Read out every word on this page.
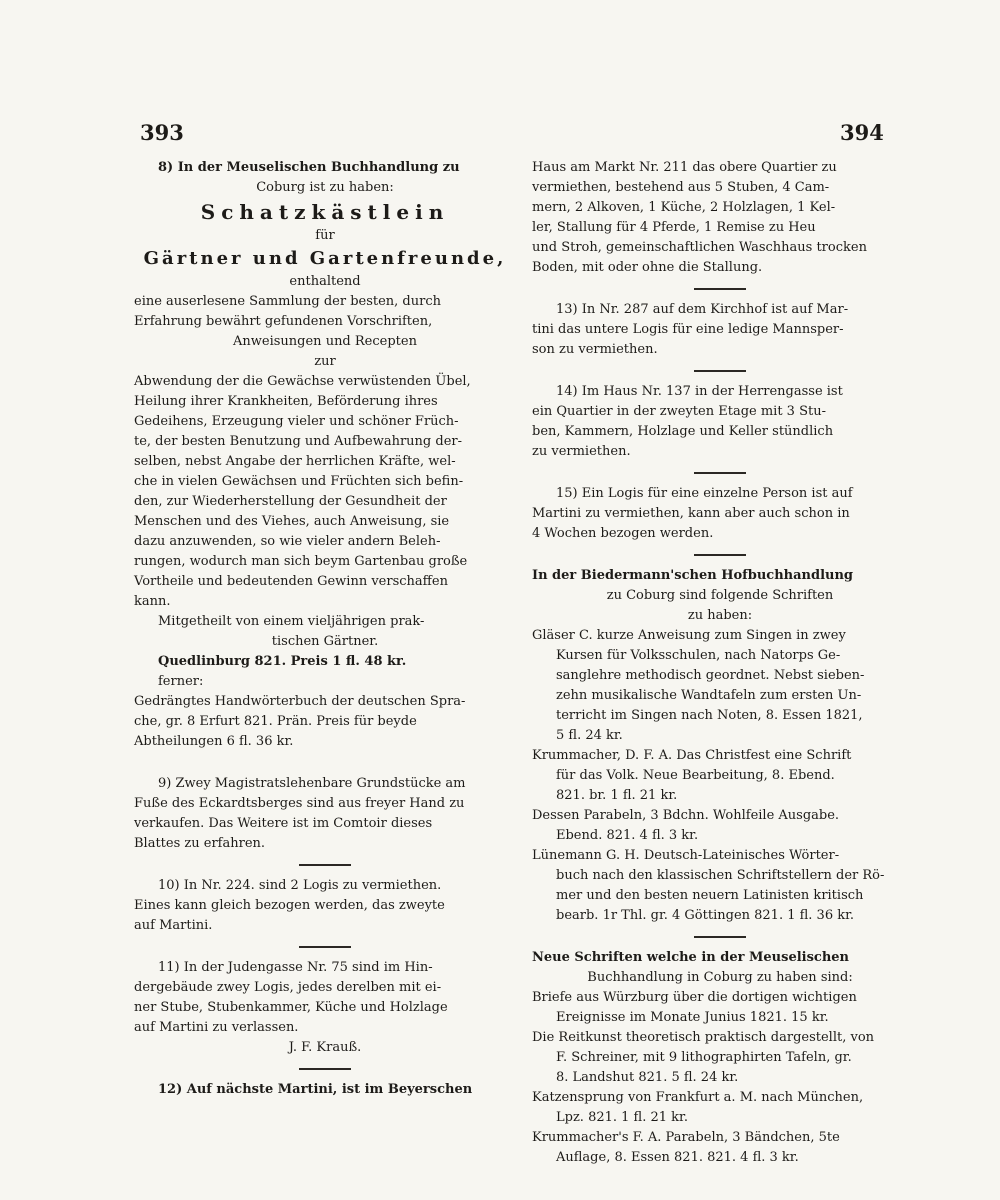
393	394
8) In der Meuselischen Buchhandlung zu
Coburg ist zu haben:
Schatzkästlein
für
Gärtner und Gartenfreunde,
enthaltend
eine auserlesene Sammlung der besten, durch
Erfahrung bewährt gefundenen Vorschriften,
Anweisungen und Recepten
zur
Abwendung der die Gewächse verwüstenden Übel,
Heilung ihrer Krankheiten, Beförderung ihres
Gedeihens, Erzeugung vieler und schöner Früch-
te, der besten Benutzung und Aufbewahrung der-
selben, nebst Angabe der herrlichen Kräfte, wel-
che in vielen Gewächsen und Früchten sich befin-
den, zur Wiederherstellung der Gesundheit der
Menschen und des Viehes, auch Anweisung, sie
dazu anzuwenden, so wie vieler andern Beleh-
rungen, wodurch man sich beym Gartenbau große
Vortheile und bedeutenden Gewinn verschaffen
kann.
Mitgetheilt von einem vieljährigen prak-
tischen Gärtner.
Quedlinburg 821. Preis 1 fl. 48 kr.
ferner:
Gedrängtes Handwörterbuch der deutschen Spra-
che, gr. 8 Erfurt 821. Prän. Preis für beyde
Abtheilungen 6 fl. 36 kr.
9) Zwey Magistratslehenbare Grundstücke am
Fuße des Eckardtsberges sind aus freyer Hand zu
verkaufen. Das Weitere ist im Comtoir dieses
Blattes zu erfahren.
10) In Nr. 224. sind 2 Logis zu vermiethen.
Eines kann gleich bezogen werden, das zweyte
auf Martini.
11) In der Judengasse Nr. 75 sind im Hin-
dergebäude zwey Logis, jedes derelben mit ei-
ner Stube, Stubenkammer, Küche und Holzlage
auf Martini zu verlassen.
J. F. Krauß.
12) Auf nächste Martini, ist im Beyerschen
Haus am Markt Nr. 211 das obere Quartier zu
vermiethen, bestehend aus 5 Stuben, 4 Cam-
mern, 2 Alkoven, 1 Küche, 2 Holzlagen, 1 Kel-
ler, Stallung für 4 Pferde, 1 Remise zu Heu
und Stroh, gemeinschaftlichen Waschhaus trocken
Boden, mit oder ohne die Stallung.
13) In Nr. 287 auf dem Kirchhof ist auf Mar-
tini das untere Logis für eine ledige Mannsper-
son zu vermiethen.
14) Im Haus Nr. 137 in der Herrengasse ist
ein Quartier in der zweyten Etage mit 3 Stu-
ben, Kammern, Holzlage und Keller stündlich
zu vermiethen.
15) Ein Logis für eine einzelne Person ist auf
Martini zu vermiethen, kann aber auch schon in
4 Wochen bezogen werden.
In der Biedermann'schen Hofbuchhandlung
zu Coburg sind folgende Schriften
zu haben:
Gläser C. kurze Anweisung zum Singen in zwey
Kursen für Volksschulen, nach Natorps Ge-
sanglehre methodisch geordnet. Nebst sieben-
zehn musikalische Wandtafeln zum ersten Un-
terricht im Singen nach Noten, 8. Essen 1821,
5 fl. 24 kr.
Krummacher, D. F. A. Das Christfest eine Schrift
für das Volk. Neue Bearbeitung, 8. Ebend.
821. br. 1 fl. 21 kr.
Dessen Parabeln, 3 Bdchn. Wohlfeile Ausgabe.
Ebend. 821. 4 fl. 3 kr.
Lünemann G. H. Deutsch-Lateinisches Wörter-
buch nach den klassischen Schriftstellern der Rö-
mer und den besten neuern Latinisten kritisch
bearb. 1r Thl. gr. 4 Göttingen 821. 1 fl. 36 kr.
Neue Schriften welche in der Meuselischen
Buchhandlung in Coburg zu haben sind:
Briefe aus Würzburg über die dortigen wichtigen
Ereignisse im Monate Junius 1821. 15 kr.
Die Reitkunst theoretisch praktisch dargestellt, von
F. Schreiner, mit 9 lithographirten Tafeln, gr.
8. Landshut 821. 5 fl. 24 kr.
Katzensprung von Frankfurt a. M. nach München,
Lpz. 821. 1 fl. 21 kr.
Krummacher's F. A. Parabeln, 3 Bändchen, 5te
Auflage, 8. Essen 821. 821. 4 fl. 3 kr.
